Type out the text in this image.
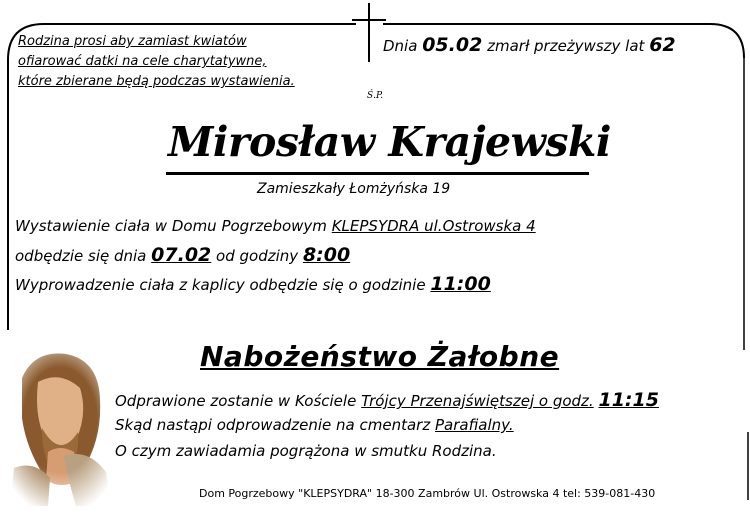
Rodzina prosi aby zamiast kwiatów
ofiarować datki na cele charytatywne,
które zbierane będą podczas wystawienia.
Dnia 05.02 zmarł przeżywszy lat 62
Ś.P.
Mirosław Krajewski
Zamieszkały Łomżyńska 19
Wystawienie ciała w Domu Pogrzebowym KLEPSYDRA ul.Ostrowska 4
odbędzie się dnia 07.02 od godziny 8:00
Wyprowadzenie ciała z kaplicy odbędzie się o godzinie 11:00
Nabożeństwo Żałobne
Odprawione zostanie w Kościele Trójcy Przenajświętszej o godz. 11:15
Skąd nastąpi odprowadzenie na cmentarz Parafialny.
O czym zawiadamia pogrążona w smutku Rodzina.
Dom Pogrzebowy "KLEPSYDRA" 18-300 Zambrów Ul. Ostrowska 4 tel: 539-081-430
